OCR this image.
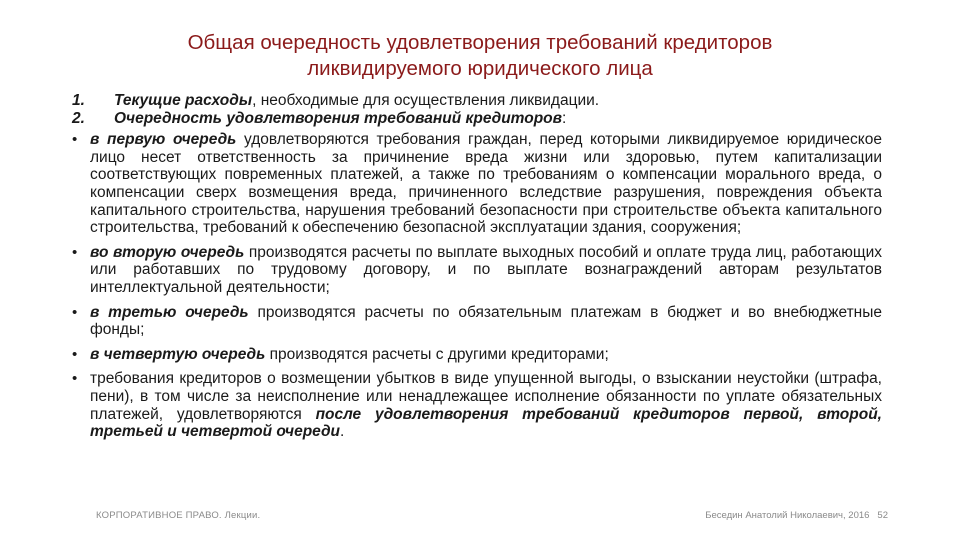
Общая очередность удовлетворения требований кредиторов
ликвидируемого юридического лица
1.	Текущие расходы, необходимые для осуществления ликвидации.
2.	Очередность удовлетворения требований кредиторов:
• в первую очередь удовлетворяются требования граждан, перед которыми ликвидируемое юридическое лицо несет ответственность за причинение вреда жизни или здоровью, путем капитализации соответствующих повременных платежей, а также по требованиям о компенсации морального вреда, о компенсации сверх возмещения вреда, причиненного вследствие разрушения, повреждения объекта капитального строительства, нарушения требований безопасности при строительстве объекта капитального строительства, требований к обеспечению безопасной эксплуатации здания, сооружения;
• во вторую очередь производятся расчеты по выплате выходных пособий и оплате труда лиц, работающих или работавших по трудовому договору, и по выплате вознаграждений авторам результатов интеллектуальной деятельности;
• в третью очередь производятся расчеты по обязательным платежам в бюджет и во внебюджетные фонды;
• в четвертую очередь производятся расчеты с другими кредиторами;
• требования кредиторов о возмещении убытков в виде упущенной выгоды, о взыскании неустойки (штрафа, пени), в том числе за неисполнение или ненадлежащее исполнение обязанности по уплате обязательных платежей, удовлетворяются после удовлетворения требований кредиторов первой, второй, третьей и четвертой очереди.
КОРПОРАТИВНОЕ ПРАВО. Лекции.	Беседин Анатолий Николаевич, 2016 52
